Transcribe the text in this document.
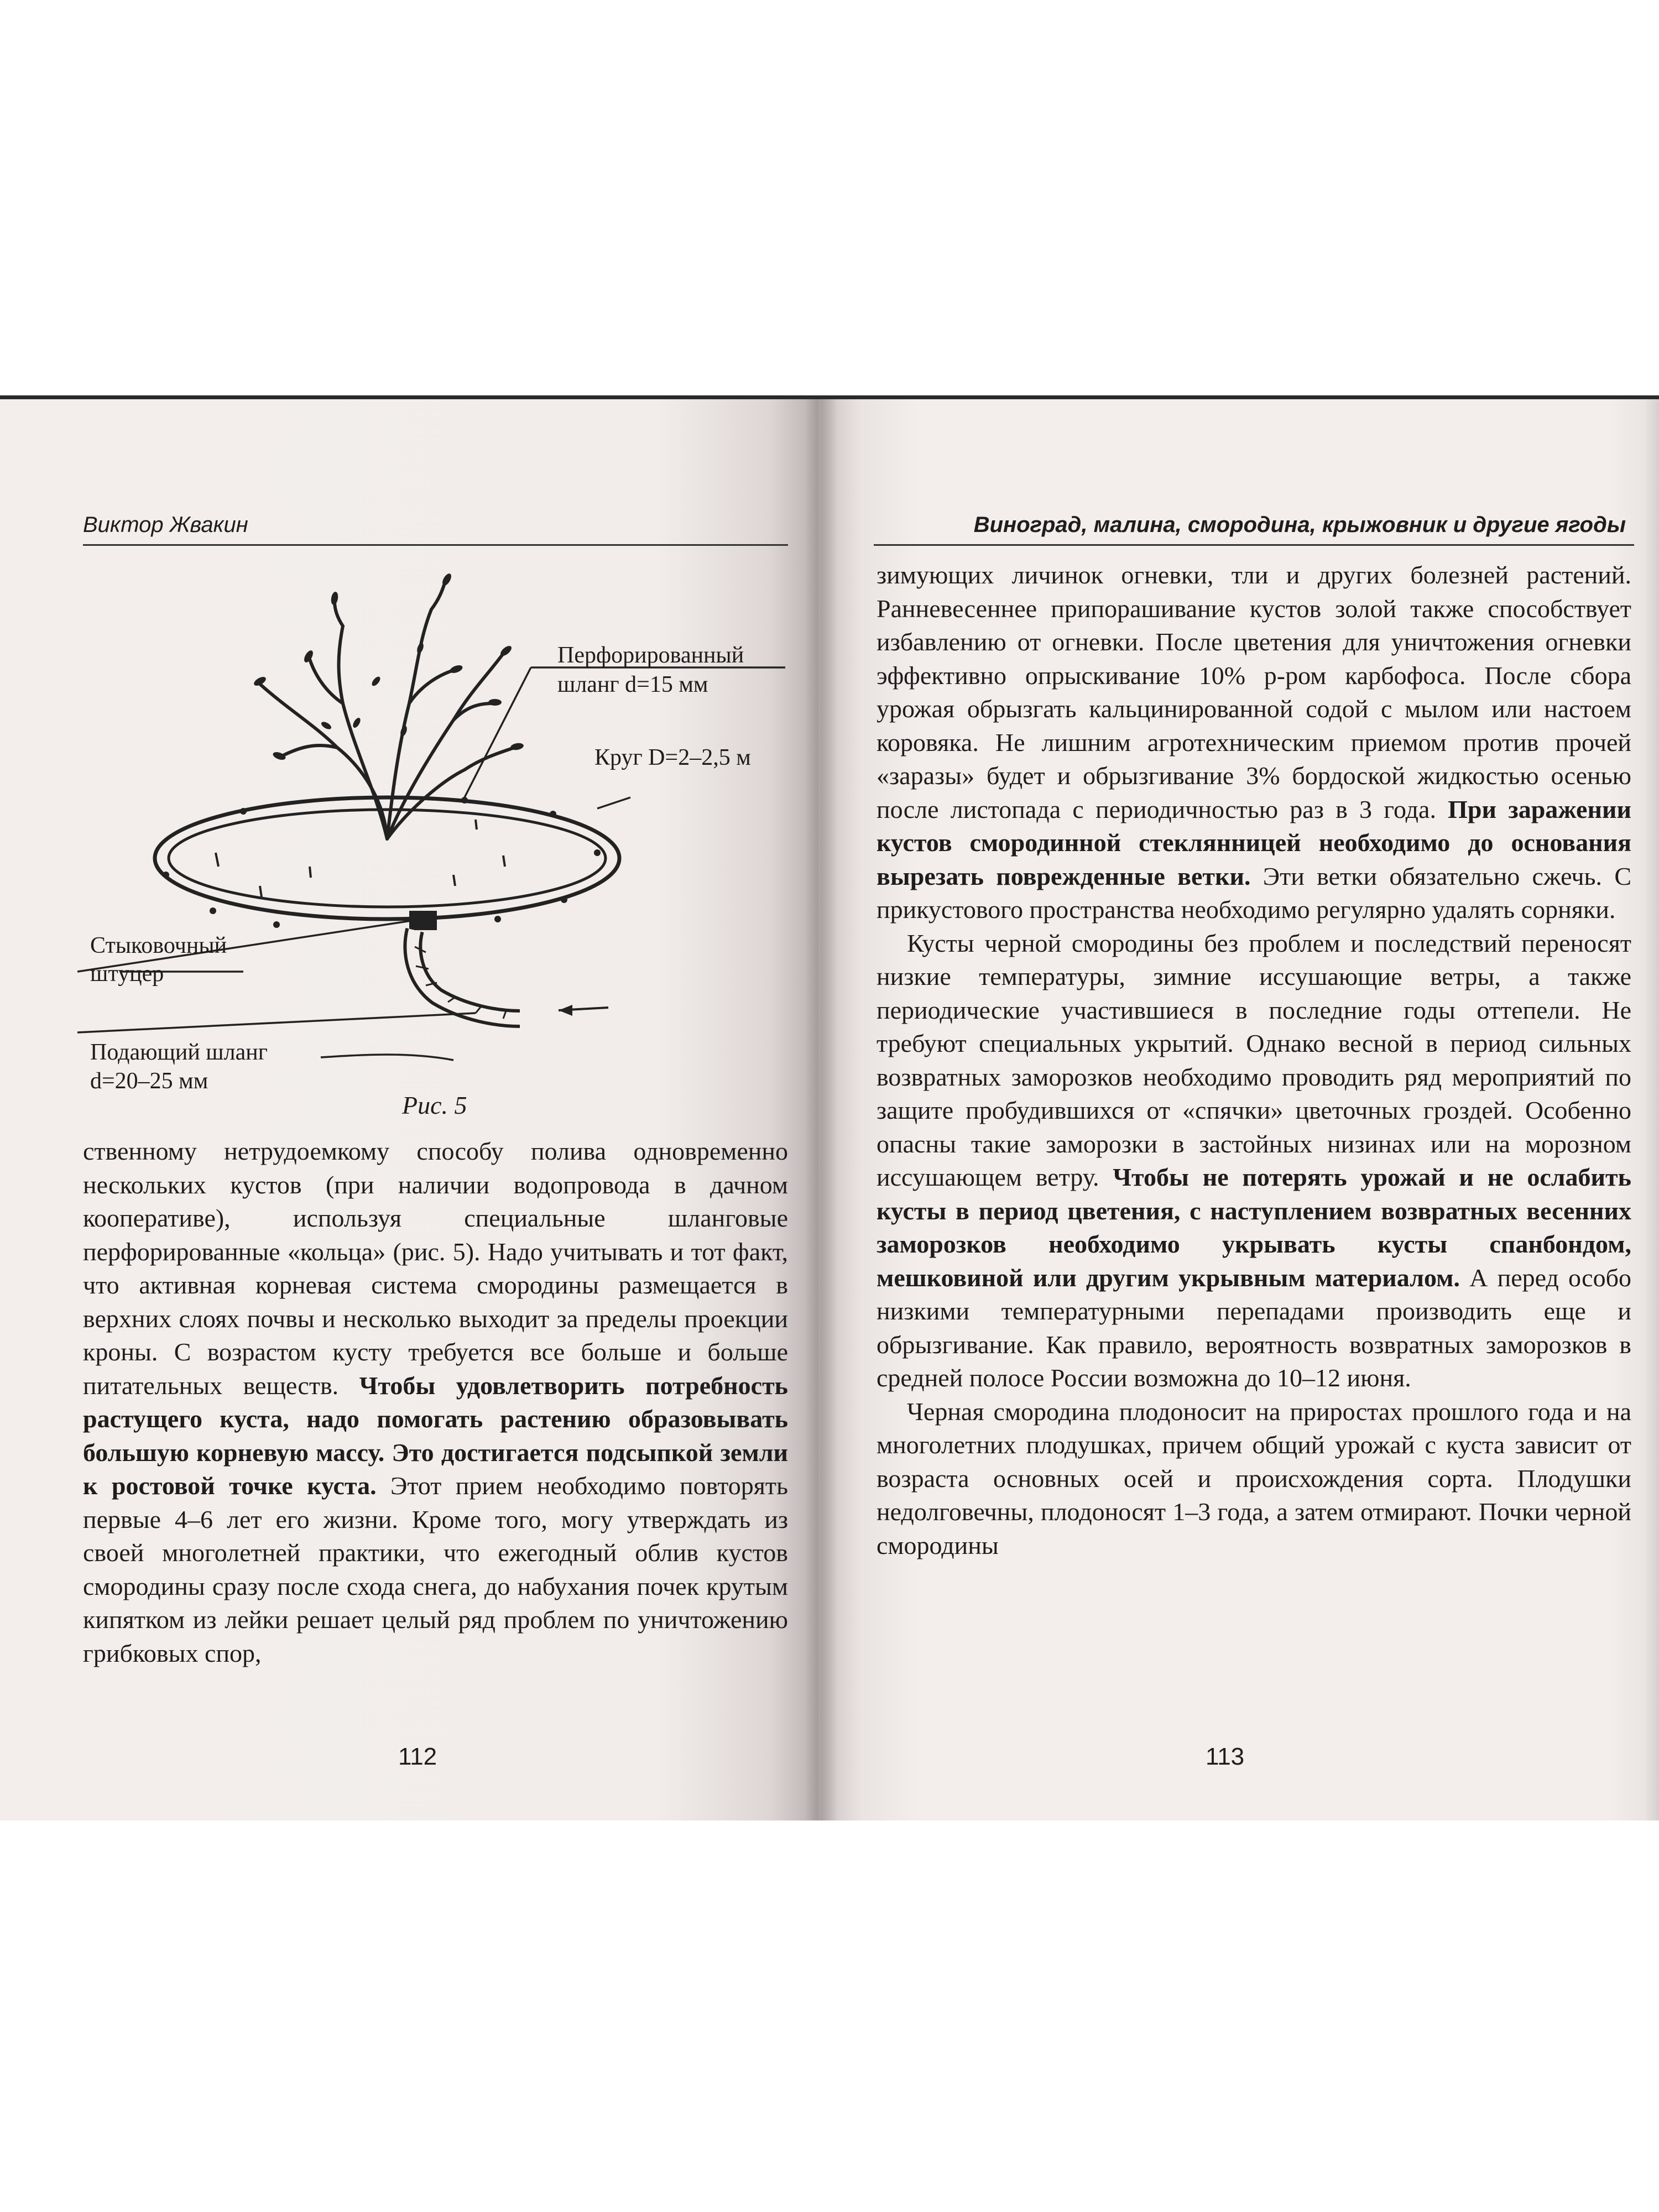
Виктор Жвакин
Перфорированный
шланг d=15 мм
Круг D=2–2,5 м
Стыковочный
штуцер
Подающий шланг
d=20–25 мм
Рис. 5

ственному нетрудоемкому способу полива одновременно нескольких кустов (при наличии водопровода в дачном кооперативе), используя специальные шланговые перфорированные «кольца» (рис. 5). Надо учитывать и тот факт, что активная корневая система смородины размещается в верхних слоях почвы и несколько выходит за пределы проекции кроны. С возрастом кусту требуется все больше и больше питательных веществ. Чтобы удовлетворить потребность растущего куста, надо помогать растению образовывать большую корневую массу. Это достигается подсыпкой земли к ростовой точке куста. Этот прием необходимо повторять первые 4–6 лет его жизни. Кроме того, могу утверждать из своей многолетней практики, что ежегодный облив кустов смородины сразу после схода снега, до набухания почек крутым кипятком из лейки решает целый ряд проблем по уничтожению грибковых спор,

112
Виноград, малина, смородина, крыжовник и другие ягоды

зимующих личинок огневки, тли и других болезней растений. Ранневесеннее припорашивание кустов золой также способствует избавлению от огневки. После цветения для уничтожения огневки эффективно опрыскивание 10% р-ром карбофоса. После сбора урожая обрызгать кальцинированной содой с мылом или настоем коровяка. Не лишним агротехническим приемом против прочей «заразы» будет и обрызгивание 3% бордоской жидкостью осенью после листопада с периодичностью раз в 3 года. При заражении кустов смородинной стеклянницей необходимо до основания вырезать поврежденные ветки. Эти ветки обязательно сжечь. С прикустового пространства необходимо регулярно удалять сорняки.

Кусты черной смородины без проблем и последствий переносят низкие температуры, зимние иссушающие ветры, а также периодические участившиеся в последние годы оттепели. Не требуют специальных укрытий. Однако весной в период сильных возвратных заморозков необходимо проводить ряд мероприятий по защите пробудившихся от «спячки» цветочных гроздей. Особенно опасны такие заморозки в застойных низинах или на морозном иссушающем ветру. Чтобы не потерять урожай и не ослабить кусты в период цветения, с наступлением возвратных весенних заморозков необходимо укрывать кусты спанбондом, мешковиной или другим укрывным материалом. А перед особо низкими температурными перепадами производить еще и обрызгивание. Как правило, вероятность возвратных заморозков в средней полосе России возможна до 10–12 июня.

Черная смородина плодоносит на приростах прошлого года и на многолетних плодушках, причем общий урожай с куста зависит от возраста основных осей и происхождения сорта. Плодушки недолговечны, плодоносят 1–3 года, а затем отмирают. Почки черной смородины

113
